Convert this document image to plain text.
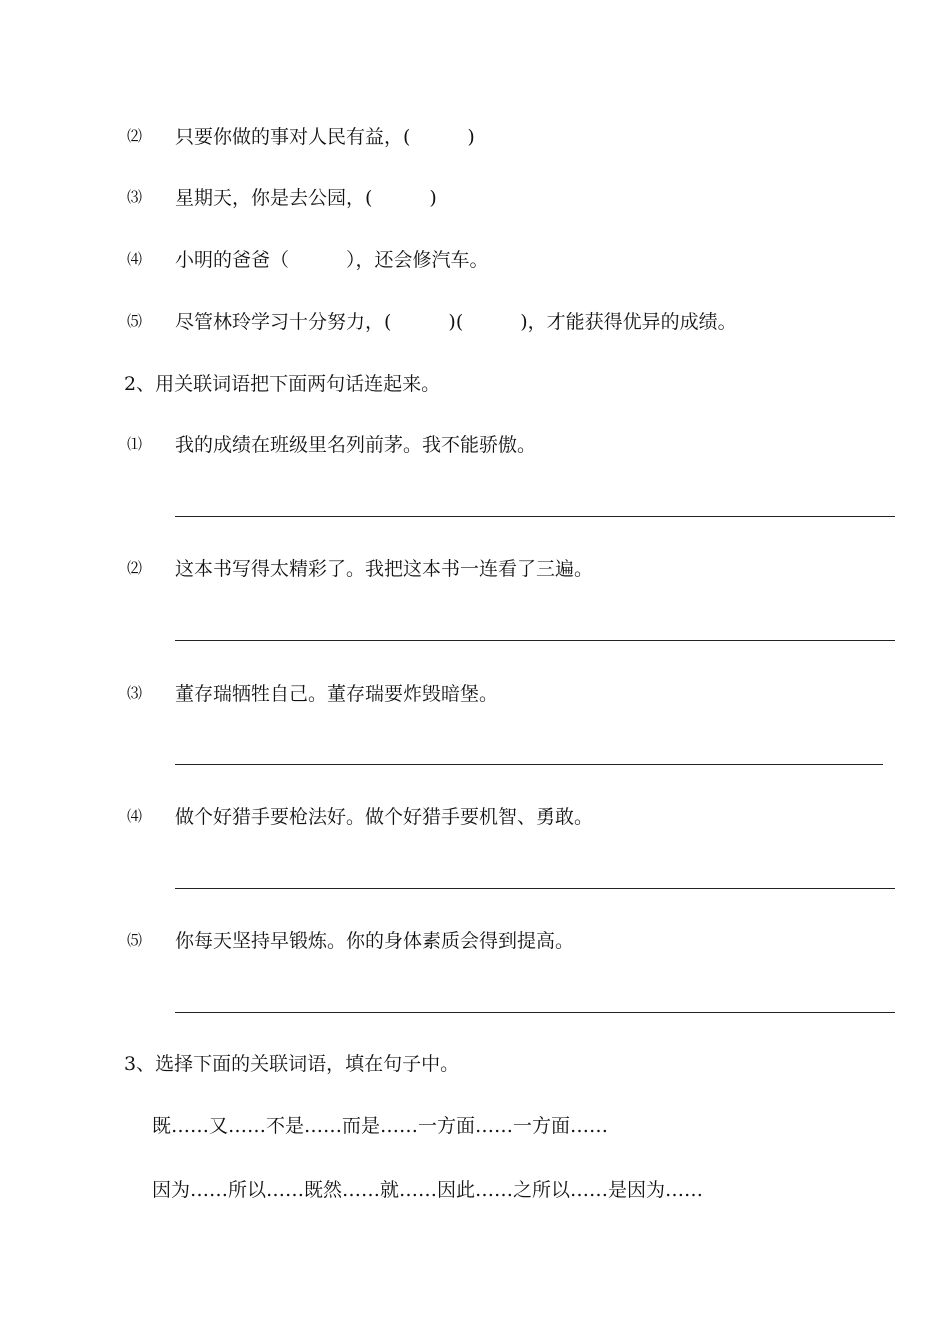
⑵ 只要你做的事对人民有益，(　　　)
⑶ 星期天，你是去公园，(　　　)
⑷ 小明的爸爸（　　　），还会修汽车。
⑸ 尽管林玲学习十分努力，(　　　)(　　　)，才能获得优异的成绩。
2、用关联词语把下面两句话连起来。
⑴ 我的成绩在班级里名列前茅。我不能骄傲。
⑵ 这本书写得太精彩了。我把这本书一连看了三遍。
⑶ 董存瑞牺牲自己。董存瑞要炸毁暗堡。
⑷ 做个好猎手要枪法好。做个好猎手要机智、勇敢。
⑸ 你每天坚持早锻炼。你的身体素质会得到提高。
3、选择下面的关联词语，填在句子中。
既……又……不是……而是……一方面……一方面……
因为……所以……既然……就……因此……之所以……是因为……
